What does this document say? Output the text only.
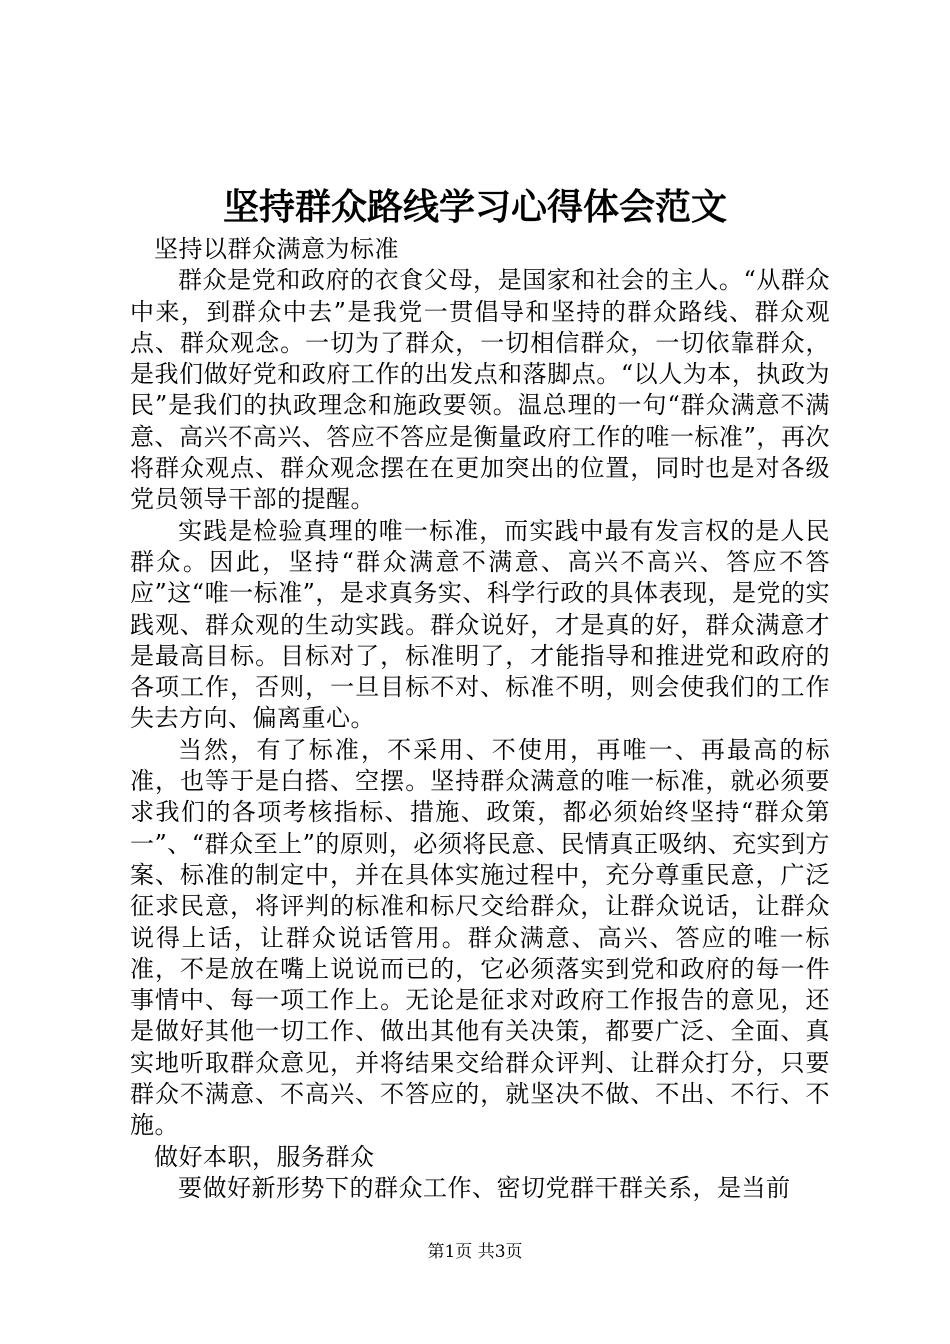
坚持群众路线学习心得体会范文

坚持以群众满意为标准

群众是党和政府的衣食父母，是国家和社会的主人。“从群众中来，到群众中去”是我党一贯倡导和坚持的群众路线、群众观点、群众观念。一切为了群众，一切相信群众，一切依靠群众，是我们做好党和政府工作的出发点和落脚点。“以人为本，执政为民”是我们的执政理念和施政要领。温总理的一句“群众满意不满意、高兴不高兴、答应不答应是衡量政府工作的唯一标准”，再次将群众观点、群众观念摆在在更加突出的位置，同时也是对各级党员领导干部的提醒。

实践是检验真理的唯一标准，而实践中最有发言权的是人民群众。因此，坚持“群众满意不满意、高兴不高兴、答应不答应”这“唯一标准”，是求真务实、科学行政的具体表现，是党的实践观、群众观的生动实践。群众说好，才是真的好，群众满意才是最高目标。目标对了，标准明了，才能指导和推进党和政府的各项工作，否则，一旦目标不对、标准不明，则会使我们的工作失去方向、偏离重心。

当然，有了标准，不采用、不使用，再唯一、再最高的标准，也等于是白搭、空摆。坚持群众满意的唯一标准，就必须要求我们的各项考核指标、措施、政策，都必须始终坚持“群众第一”、“群众至上”的原则，必须将民意、民情真正吸纳、充实到方案、标准的制定中，并在具体实施过程中，充分尊重民意，广泛征求民意，将评判的标准和标尺交给群众，让群众说话，让群众说得上话，让群众说话管用。群众满意、高兴、答应的唯一标准，不是放在嘴上说说而已的，它必须落实到党和政府的每一件事情中、每一项工作上。无论是征求对政府工作报告的意见，还是做好其他一切工作、做出其他有关决策，都要广泛、全面、真实地听取群众意见，并将结果交给群众评判、让群众打分，只要群众不满意、不高兴、不答应的，就坚决不做、不出、不行、不施。

做好本职，服务群众

要做好新形势下的群众工作、密切党群干群关系，是当前

第1页 共3页
